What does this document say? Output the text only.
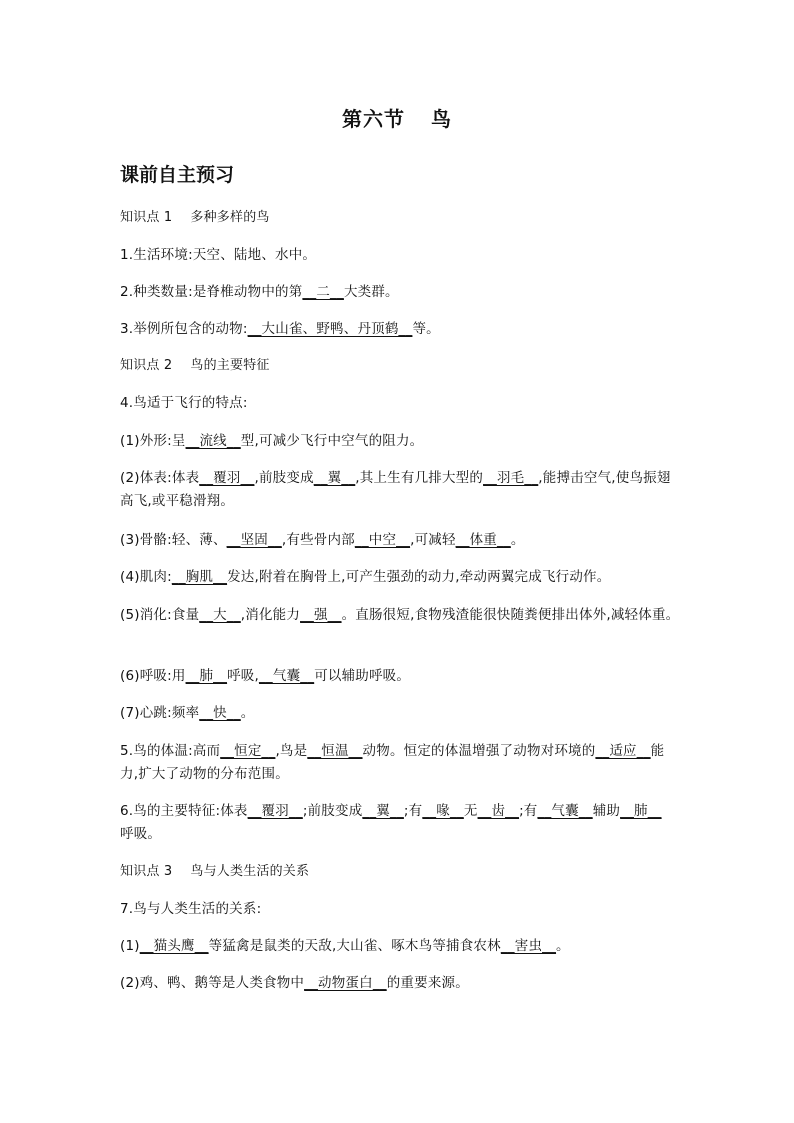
第六节 鸟
课前自主预习
知识点 1 多种多样的鸟
1.生活环境:天空、陆地、水中。
2.种类数量:是脊椎动物中的第__二__大类群。
3.举例所包含的动物:__大山雀、野鸭、丹顶鹤__等。
知识点 2 鸟的主要特征
4.鸟适于飞行的特点:
(1)外形:呈__流线__型,可减少飞行中空气的阻力。
(2)体表:体表__覆羽__,前肢变成__翼__,其上生有几排大型的__羽毛__,能搏击空气,使鸟振翅
高飞,或平稳滑翔。
(3)骨骼:轻、薄、__坚固__,有些骨内部__中空__,可减轻__体重__。
(4)肌肉:__胸肌__发达,附着在胸骨上,可产生强劲的动力,牵动两翼完成飞行动作。
(5)消化:食量__大__,消化能力__强__。直肠很短,食物残渣能很快随粪便排出体外,减轻体重。
(6)呼吸:用__肺__呼吸,__气囊__可以辅助呼吸。
(7)心跳:频率__快__。
5.鸟的体温:高而__恒定__,鸟是__恒温__动物。恒定的体温增强了动物对环境的__适应__能
力,扩大了动物的分布范围。
6.鸟的主要特征:体表__覆羽__;前肢变成__翼__;有__喙__无__齿__;有__气囊__辅助__肺__
呼吸。
知识点 3 鸟与人类生活的关系
7.鸟与人类生活的关系:
(1)__猫头鹰__等猛禽是鼠类的天敌,大山雀、啄木鸟等捕食农林__害虫__。
(2)鸡、鸭、鹅等是人类食物中__动物蛋白__的重要来源。
